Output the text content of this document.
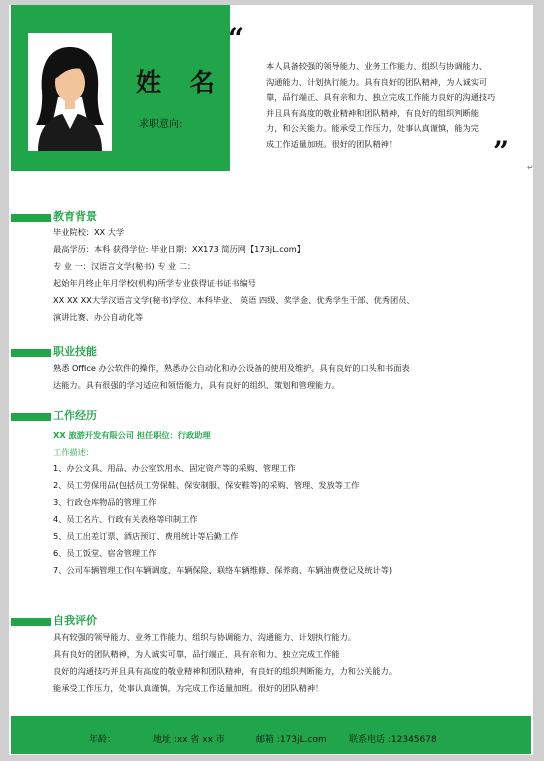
姓 名
求职意向:
“
本人具备较强的领导能力、业务工作能力、组织与协调能力、
沟通能力、计划执行能力。具有良好的团队精神，为人诚实可
靠，品行端正、具有亲和力、独立完成工作能力良好的沟通技巧
并且具有高度的敬业精神和团队精神，有良好的组织判断能
力，和公关能力。能承受工作压力，处事认真谨慎，能为完
成工作适量加班。很好的团队精神！	” ↵
教育背景
毕业院校：XX 大学
最高学历：本科 获得学位: 毕业日期：XX173 简历网【173jL.com】
专 业 一：汉语言文学(秘书) 专 业 二：
起始年月终止年月学校(机构)所学专业获得证书证书编号
XX XX XX大学汉语言文学(秘书)学位、本科毕业、 英语 四级、奖学金、优秀学生干部、优秀团员、
演讲比赛、办公自动化等
职业技能
熟悉 Office 办公软件的操作，熟悉办公自动化和办公设备的使用及维护。具有良好的口头和书面表
达能力。具有很强的学习适应和领悟能力，具有良好的组织、策划和管理能力。
工作经历
XX 旅游开发有限公司 担任职位：行政助理
工作描述：
1、办公文具、用品、办公室饮用水、固定资产等的采购、管理工作
2、员工劳保用品(包括员工劳保鞋、保安制服、保安鞋等)的采购、管理、发放等工作
3、行政仓库物品的管理工作
4、员工名片、行政有关表格等印制工作
5、员工出差订票、酒店预订、费用统计等后勤工作
6、员工饭堂、宿舍管理工作
7、公司车辆管理工作(车辆调度、车辆保险、联络车辆维修、保养商、车辆油费登记及统计等)
自我评价
具有较强的领导能力、业务工作能力、组织与协调能力、沟通能力、计划执行能力。
具有良好的团队精神，为人诚实可靠，品行端正、具有亲和力、独立完成工作能
良好的沟通技巧并且具有高度的敬业精神和团队精神，有良好的组织判断能力，力和公关能力。
能承受工作压力，处事认真谨慎，为完成工作适量加班。很好的团队精神！
年龄：	地址 :xx 省 xx 市	邮箱 :173jL.com 联系电话 :12345678
